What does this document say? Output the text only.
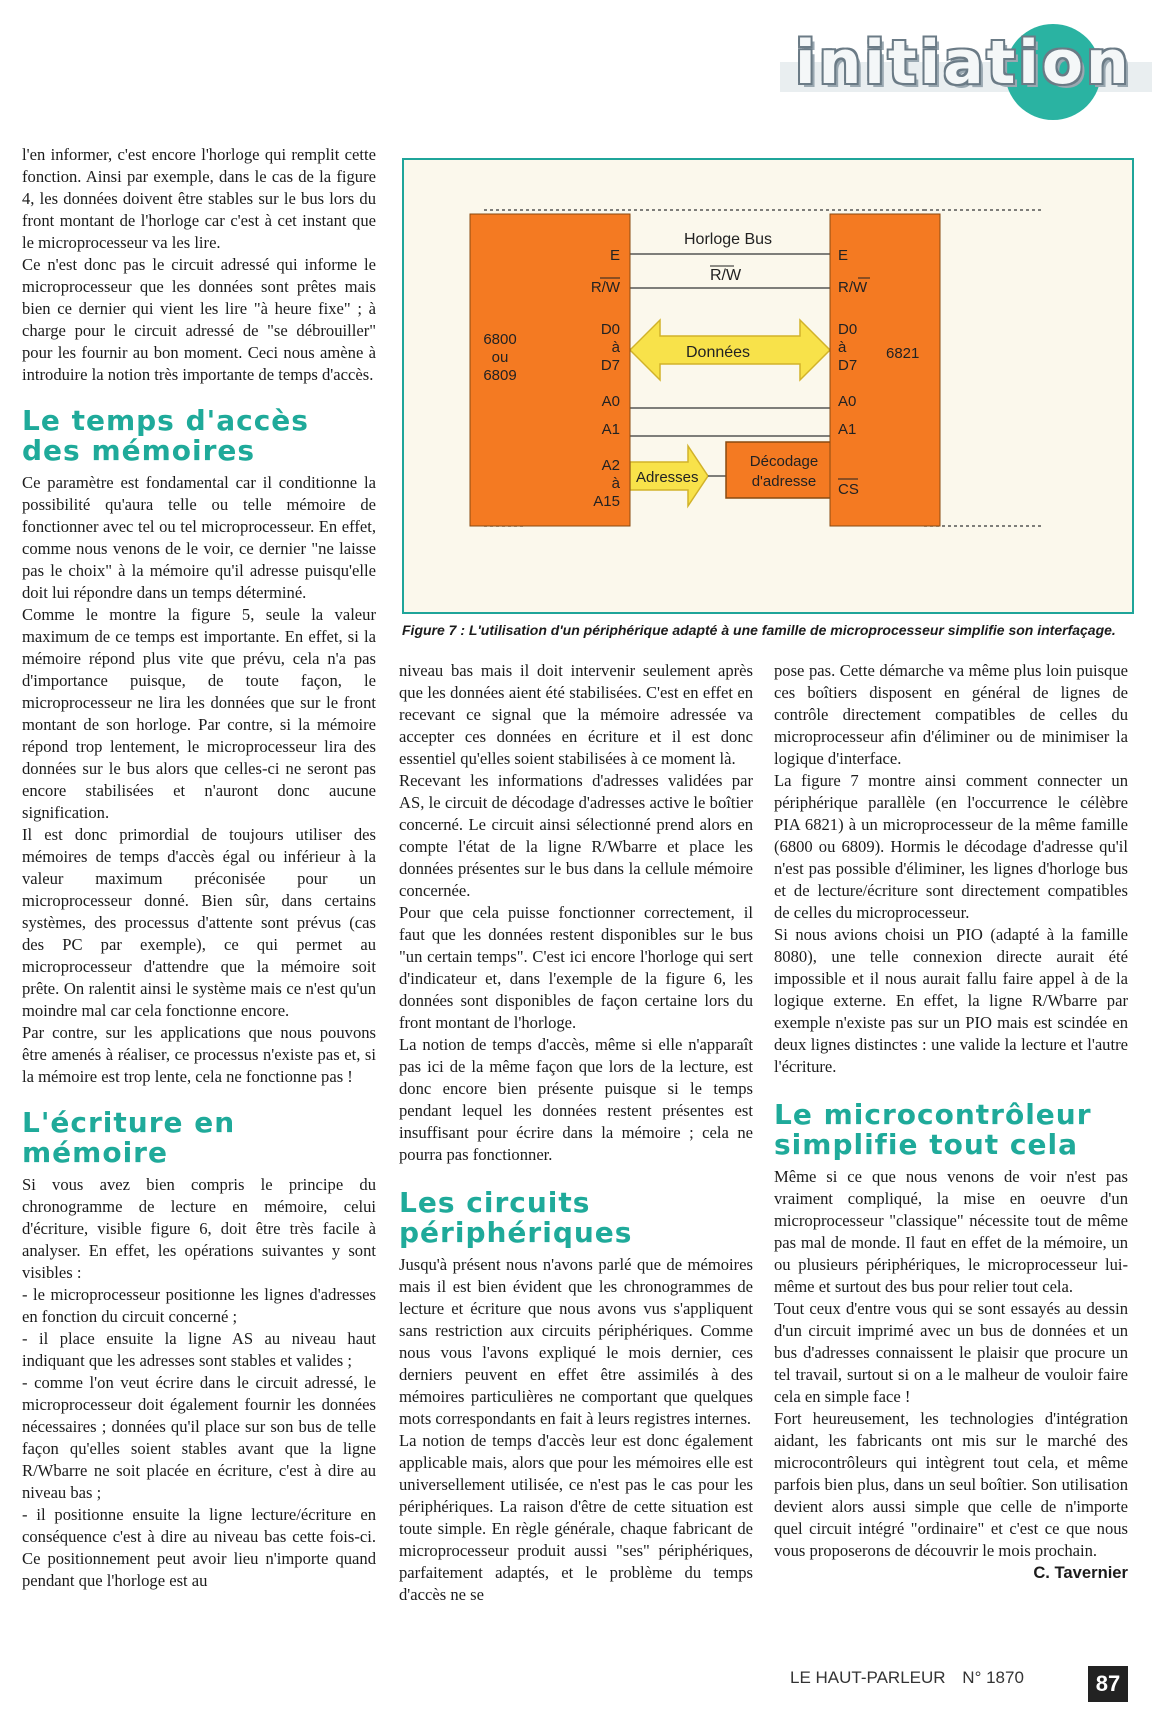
initiation

l'en informer, c'est encore l'horloge qui remplit cette fonction. Ainsi par exemple, dans le cas de la figure 4, les données doivent être stables sur le bus lors du front montant de l'horloge car c'est à cet instant que le microprocesseur va les lire.

Ce n'est donc pas le circuit adressé qui informe le microprocesseur que les données sont prêtes mais bien ce dernier qui vient les lire "à heure fixe" ; à charge pour le circuit adressé de "se débrouiller" pour les fournir au bon moment. Ceci nous amène à introduire la notion très importante de temps d'accès.

Le temps d'accès des mémoires

Ce paramètre est fondamental car il conditionne la possibilité qu'aura telle ou telle mémoire de fonctionner avec tel ou tel microprocesseur. En effet, comme nous venons de le voir, ce dernier "ne laisse pas le choix" à la mémoire qu'il adresse puisqu'elle doit lui répondre dans un temps déterminé.

Comme le montre la figure 5, seule la valeur maximum de ce temps est importante. En effet, si la mémoire répond plus vite que prévu, cela n'a pas d'importance puisque, de toute façon, le microprocesseur ne lira les données que sur le front montant de son horloge. Par contre, si la mémoire répond trop lentement, le microprocesseur lira des données sur le bus alors que celles-ci ne seront pas encore stabilisées et n'auront donc aucune signification.

Il est donc primordial de toujours utiliser des mémoires de temps d'accès égal ou inférieur à la valeur maximum préconisée pour un microprocesseur donné. Bien sûr, dans certains systèmes, des processus d'attente sont prévus (cas des PC par exemple), ce qui permet au microprocesseur d'attendre que la mémoire soit prête. On ralentit ainsi le système mais ce n'est qu'un moindre mal car cela fonctionne encore.

Par contre, sur les applications que nous pouvons être amenés à réaliser, ce processus n'existe pas et, si la mémoire est trop lente, cela ne fonctionne pas !

L'écriture en mémoire

Si vous avez bien compris le principe du chronogramme de lecture en mémoire, celui d'écriture, visible figure 6, doit être très facile à analyser. En effet, les opérations suivantes y sont visibles :

- le microprocesseur positionne les lignes d'adresses en fonction du circuit concerné ;

- il place ensuite la ligne AS au niveau haut indiquant que les adresses sont stables et valides ;

- comme l'on veut écrire dans le circuit adressé, le microprocesseur doit également fournir les données nécessaires ; données qu'il place sur son bus de telle façon qu'elles soient stables avant que la ligne R/Wbarre ne soit placée en écriture, c'est à dire au niveau bas ;

- il positionne ensuite la ligne lecture/écriture en conséquence c'est à dire au niveau bas cette fois-ci. Ce positionnement peut avoir lieu n'importe quand pendant que l'horloge est au

Horloge Bus
R/W
Données
Adresses
Décodage
d'adresse
6800
ou
6809
E
R/W
D0
à
D7
A0
A1
A2
à
A15
6821
E
R/W
D0
à
D7
A0
A1
CS
Figure 7 : L'utilisation d'un périphérique adapté à une famille de microprocesseur simplifie son interfaçage.

niveau bas mais il doit intervenir seulement après que les données aient été stabilisées. C'est en effet en recevant ce signal que la mémoire adressée va accepter ces données en écriture et il est donc essentiel qu'elles soient stabilisées à ce moment là.

Recevant les informations d'adresses validées par AS, le circuit de décodage d'adresses active le boîtier concerné. Le circuit ainsi sélectionné prend alors en compte l'état de la ligne R/Wbarre et place les données présentes sur le bus dans la cellule mémoire concernée.

Pour que cela puisse fonctionner correctement, il faut que les données restent disponibles sur le bus "un certain temps". C'est ici encore l'horloge qui sert d'indicateur et, dans l'exemple de la figure 6, les données sont disponibles de façon certaine lors du front montant de l'horloge.

La notion de temps d'accès, même si elle n'apparaît pas ici de la même façon que lors de la lecture, est donc encore bien présente puisque si le temps pendant lequel les données restent présentes est insuffisant pour écrire dans la mémoire ; cela ne pourra pas fonctionner.

Les circuits périphériques

Jusqu'à présent nous n'avons parlé que de mémoires mais il est bien évident que les chronogrammes de lecture et écriture que nous avons vus s'appliquent sans restriction aux circuits périphériques. Comme nous vous l'avons expliqué le mois dernier, ces derniers peuvent en effet être assimilés à des mémoires particulières ne comportant que quelques mots correspondants en fait à leurs registres internes.

La notion de temps d'accès leur est donc également applicable mais, alors que pour les mémoires elle est universellement utilisée, ce n'est pas le cas pour les périphériques. La raison d'être de cette situation est toute simple. En règle générale, chaque fabricant de microprocesseur produit aussi "ses" périphériques, parfaitement adaptés, et le problème du temps d'accès ne se

pose pas. Cette démarche va même plus loin puisque ces boîtiers disposent en général de lignes de contrôle directement compatibles de celles du microprocesseur afin d'éliminer ou de minimiser la logique d'interface.

La figure 7 montre ainsi comment connecter un périphérique parallèle (en l'occurrence le célèbre PIA 6821) à un microprocesseur de la même famille (6800 ou 6809). Hormis le décodage d'adresse qu'il n'est pas possible d'éliminer, les lignes d'horloge bus et de lecture/écriture sont directement compatibles de celles du microprocesseur.

Si nous avions choisi un PIO (adapté à la famille 8080), une telle connexion directe aurait été impossible et il nous aurait fallu faire appel à de la logique externe. En effet, la ligne R/Wbarre par exemple n'existe pas sur un PIO mais est scindée en deux lignes distinctes : une valide la lecture et l'autre l'écriture.

Le microcontrôleur simplifie tout cela

Même si ce que nous venons de voir n'est pas vraiment compliqué, la mise en oeuvre d'un microprocesseur "classique" nécessite tout de même pas mal de monde. Il faut en effet de la mémoire, un ou plusieurs périphériques, le microprocesseur lui-même et surtout des bus pour relier tout cela.

Tout ceux d'entre vous qui se sont essayés au dessin d'un circuit imprimé avec un bus de données et un bus d'adresses connaissent le plaisir que procure un tel travail, surtout si on a le malheur de vouloir faire cela en simple face !

Fort heureusement, les technologies d'intégration aidant, les fabricants ont mis sur le marché des microcontrôleurs qui intègrent tout cela, et même parfois bien plus, dans un seul boîtier. Son utilisation devient alors aussi simple que celle de n'importe quel circuit intégré "ordinaire" et c'est ce que nous vous proposerons de découvrir le mois prochain.

C. Tavernier

LE HAUT-PARLEUR N° 1870	87
